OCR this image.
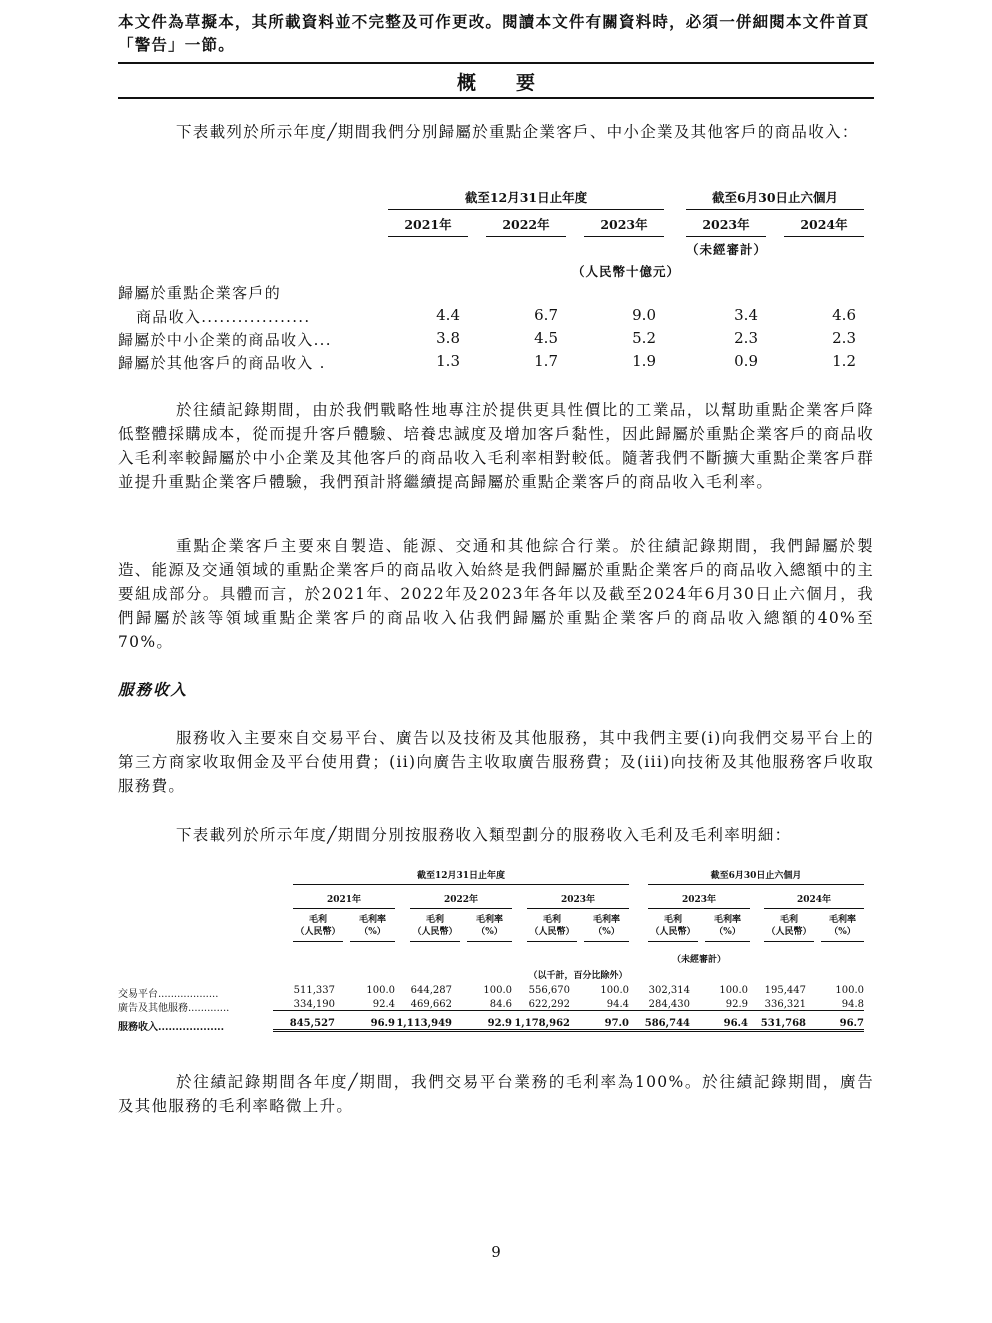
本文件為草擬本，其所載資料並不完整及可作更改。閱讀本文件有關資料時，必須一併細閱本文件首頁「警告」一節。
概要

下表載列於所示年度╱期間我們分別歸屬於重點企業客戶、中小企業及其他客戶的商品收入：

截至12月31日止年度	截至6月30日止六個月
2021年	2022年	2023年	2023年	2024年
（未經審計）
（人民幣十億元）
歸屬於重點企業客戶的
商品收入..................	4.4	6.7	9.0	3.4	4.6
歸屬於中小企業的商品收入...	3.8	4.5	5.2	2.3	2.3
歸屬於其他客戶的商品收入 .	1.3	1.7	1.9	0.9	1.2

於往績記錄期間，由於我們戰略性地專注於提供更具性價比的工業品，以幫助重點企業客戶降低整體採購成本，從而提升客戶體驗、培養忠誠度及增加客戶黏性，因此歸屬於重點企業客戶的商品收入毛利率較歸屬於中小企業及其他客戶的商品收入毛利率相對較低。隨著我們不斷擴大重點企業客戶群並提升重點企業客戶體驗，我們預計將繼續提高歸屬於重點企業客戶的商品收入毛利率。

重點企業客戶主要來自製造、能源、交通和其他綜合行業。於往績記錄期間，我們歸屬於製造、能源及交通領域的重點企業客戶的商品收入始終是我們歸屬於重點企業客戶的商品收入總額中的主要組成部分。具體而言，於2021年、2022年及2023年各年以及截至2024年6月30日止六個月，我們歸屬於該等領域重點企業客戶的商品收入佔我們歸屬於重點企業客戶的商品收入總額的40%至70%。

服務收入

服務收入主要來自交易平台、廣告以及技術及其他服務，其中我們主要(i)向我們交易平台上的第三方商家收取佣金及平台使用費；(ii)向廣告主收取廣告服務費；及(iii)向技術及其他服務客戶收取服務費。

下表載列於所示年度╱期間分別按服務收入類型劃分的服務收入毛利及毛利率明細：

截至12月31日止年度	截至6月30日止六個月
2021年	2022年	2023年	2023年	2024年
毛利
（人民幣）
毛利率
（%）
毛利
（人民幣）
毛利率
（%）
毛利
（人民幣）
毛利率
（%）
毛利
（人民幣）
毛利率
（%）
毛利
（人民幣）
毛利率
（%）
（未經審計）
（以千計，百分比除外）
交易平台...................	511,337	100.0	644,287	100.0	556,670	100.0	302,314	100.0	195,447	100.0
廣告及其他服務.............	334,190	92.4	469,662	84.6	622,292	94.4	284,430	92.9	336,321	94.8
服務收入...................	845,527	96.9 1,113,949	92.9 1,178,962	97.0	586,744	96.4	531,768	96.7

於往績記錄期間各年度╱期間，我們交易平台業務的毛利率為100%。於往績記錄期間，廣告及其他服務的毛利率略微上升。

9
